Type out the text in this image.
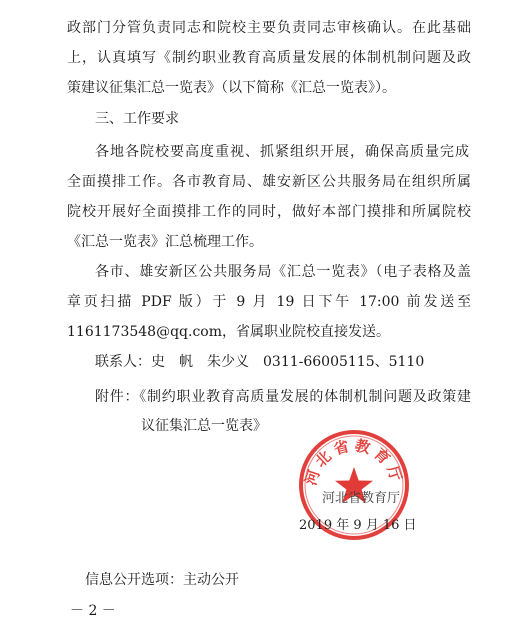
政部门分管负责同志和院校主要负责同志审核确认。在此基础
上，认真填写《制约职业教育高质量发展的体制机制问题及政
策建议征集汇总一览表》（以下简称《汇总一览表》）。
三、工作要求
各地各院校要高度重视、抓紧组织开展，确保高质量完成
全面摸排工作。各市教育局、雄安新区公共服务局在组织所属
院校开展好全面摸排工作的同时，做好本部门摸排和所属院校
《汇总一览表》汇总梳理工作。
各市、雄安新区公共服务局《汇总一览表》（电子表格及盖
章页扫描 PDF 版）于 9 月 19 日下午 17:00 前发送至
1161173548@qq.com，省属职业院校直接发送。
联系人：史　帆　朱少义　0311-66005115、5110
附件：《制约职业教育高质量发展的体制机制问题及政策建
议征集汇总一览表》
河北省教育厅
河北省教育厅
2019 年 9 月 16 日
信息公开选项：主动公开
－ 2 －
